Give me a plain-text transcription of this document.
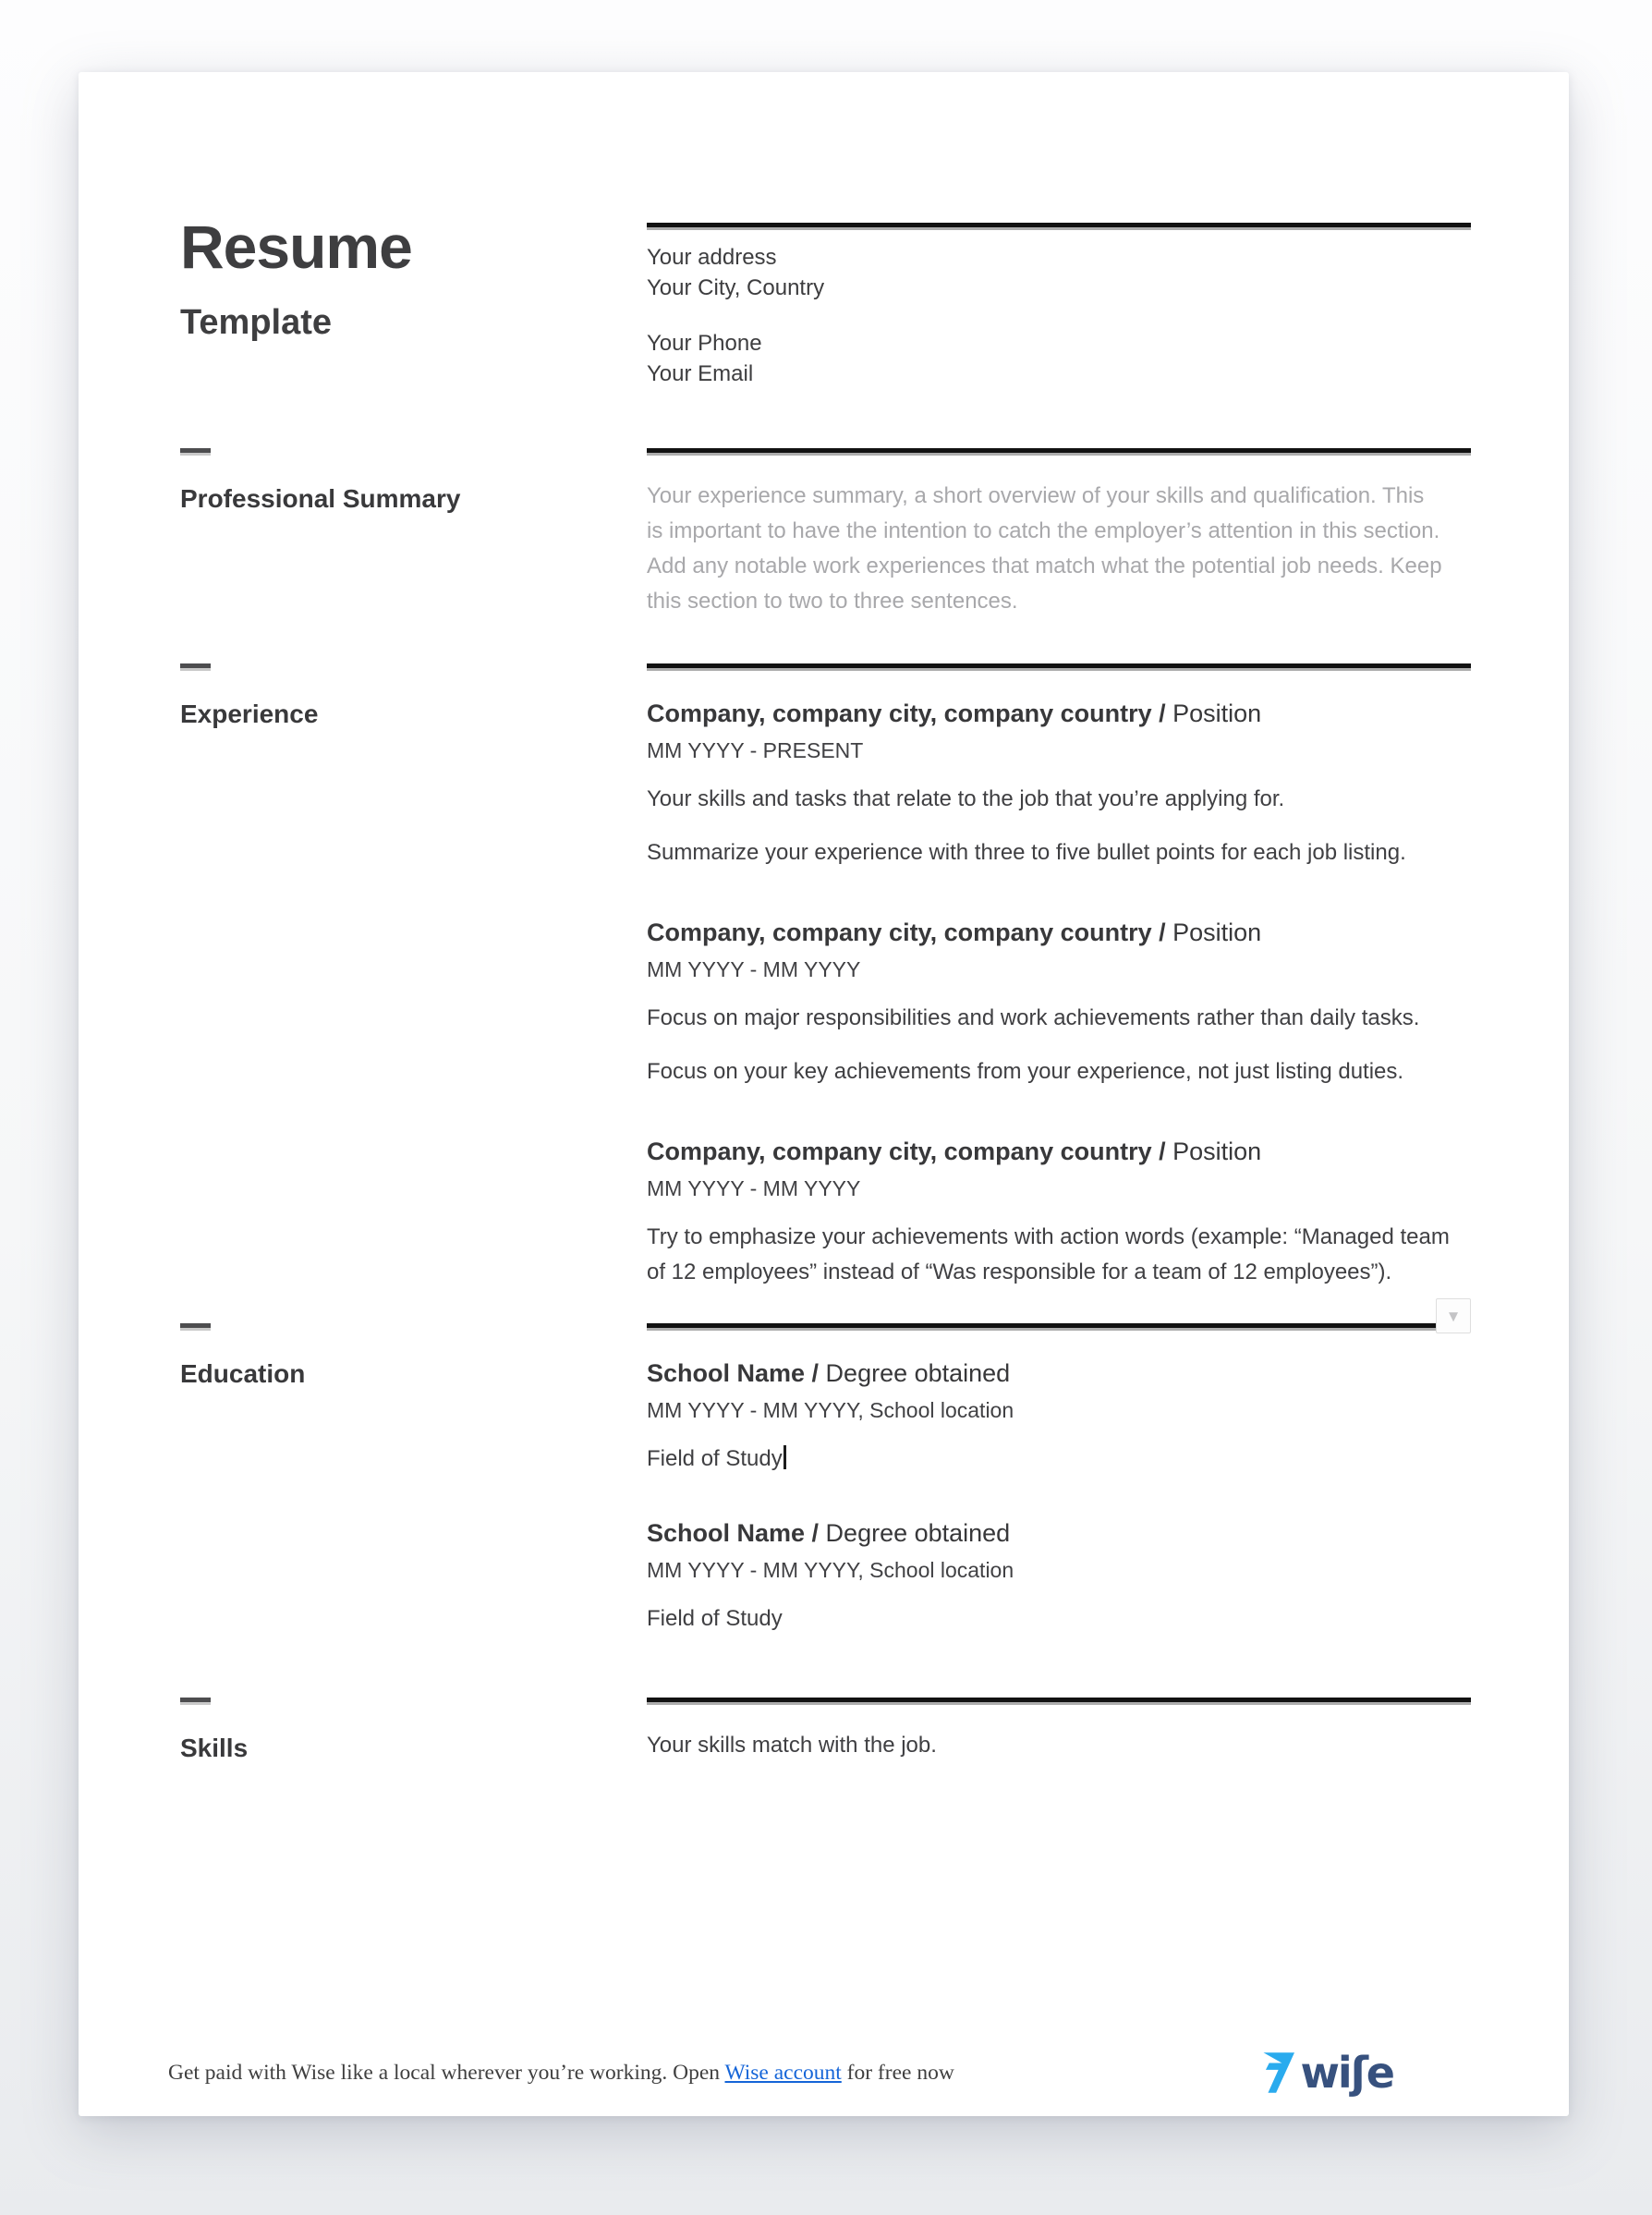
Resume
Template

Your address

Your City, Country

Your Phone

Your Email

Professional Summary	Your experience summary, a short overview of your skills and qualification. This is important to have the intention to catch the employer’s attention in this section. Add any notable work experiences that match what the potential job needs. Keep this section to two to three sentences.

Experience	Company, company city, company country / Position
MM YYYY - PRESENT

Your skills and tasks that relate to the job that you’re applying for.

Summarize your experience with three to five bullet points for each job listing.

Company, company city, company country / Position
MM YYYY - MM YYYY

Focus on major responsibilities and work achievements rather than daily tasks.

Focus on your key achievements from your experience, not just listing duties.

Company, company city, company country / Position
MM YYYY - MM YYYY

Try to emphasize your achievements with action words (example: “Managed team of 12 employees” instead of “Was responsible for a team of 12 employees”).

Education
▼
School Name / Degree obtained
MM YYYY - MM YYYY, School location
Field of Study
School Name / Degree obtained
MM YYYY - MM YYYY, School location
Field of Study
Skills	Your skills match with the job.

Get paid with Wise like a local wherever you’re working. Open Wise account for free now	wiʃe
